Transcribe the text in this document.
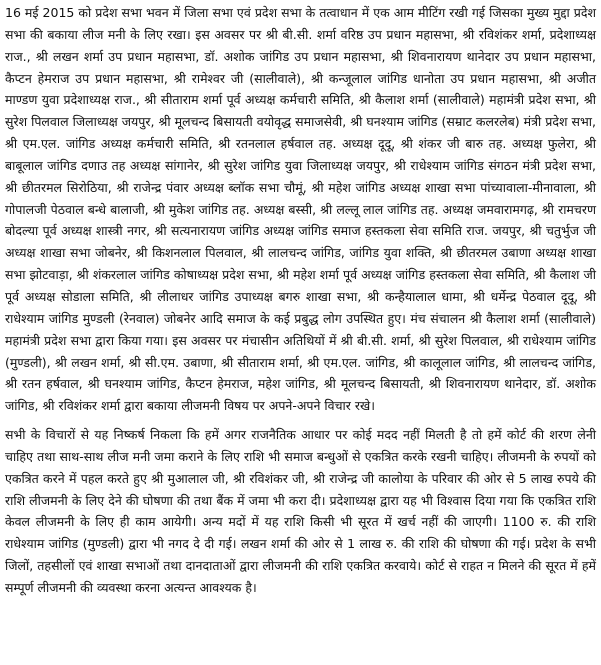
16 मई 2015 को प्रदेश सभा भवन में जिला सभा एवं प्रदेश सभा के तत्वाधान में एक आम मीटिंग रखी गई जिसका मुख्य मुद्दा प्रदेश सभा की बकाया लीज मनी के लिए रखा। इस अवसर पर श्री बी.सी. शर्मा वरिष्ठ उप प्रधान महासभा, श्री रविशंकर शर्मा, प्रदेशाध्यक्ष राज., श्री लखन शर्मा उप प्रधान महासभा, डॉ. अशोक जांगिड उप प्रधान महासभा, श्री शिवनारायण थानेदार उप प्रधान महासभा, कैप्टन हेमराज उप प्रधान महासभा, श्री रामेश्वर जी (सालीवाले), श्री कन्जूलाल जांगिड धानोता उप प्रधान महासभा, श्री अजीत माण्डण युवा प्रदेशाध्यक्ष राज., श्री सीताराम शर्मा पूर्व अध्यक्ष कर्मचारी समिति, श्री कैलाश शर्मा (सालीवाले) महामंत्री प्रदेश सभा, श्री सुरेश पिलवाल जिलाध्यक्ष जयपुर, श्री मूलचन्द बिसायती वयोवृद्ध समाजसेवी, श्री घनश्याम जांगिड (सम्राट कलरलेब) मंत्री प्रदेश सभा, श्री एम.एल. जांगिड अध्यक्ष कर्मचारी समिति, श्री रतनलाल हर्षवाल तह. अध्यक्ष दूदू, श्री शंकर जी बारु तह. अध्यक्ष फुलेरा, श्री बाबूलाल जांगिड दणाउ तह अध्यक्ष सांगानेर, श्री सुरेश जांगिड युवा जिलाध्यक्ष जयपुर, श्री राधेश्याम जांगिड संगठन मंत्री प्रदेश सभा, श्री छीतरमल सिरोठिया, श्री राजेन्द्र पंवार अध्यक्ष ब्लॉक सभा चौमूं, श्री महेश जांगिड अध्यक्ष शाखा सभा पांच्यावाला-मीनावाला, श्री गोपालजी पेठवाल बन्धे बालाजी, श्री मुकेश जांगिड तह. अध्यक्ष बस्सी, श्री लल्लू लाल जांगिड तह. अध्यक्ष जमवारामगढ़, श्री रामचरण बोदल्या पूर्व अध्यक्ष शास्त्री नगर, श्री सत्यनारायण जांगिड अध्यक्ष जांगिड समाज हस्तकला सेवा समिति राज. जयपुर, श्री चतुर्भुज जी अध्यक्ष शाखा सभा जोबनेर, श्री किशनलाल पिलवाल, श्री लालचन्द जांगिड, जांगिड युवा शक्ति, श्री छीतरमल उबाणा अध्यक्ष शाखा सभा झोटवाड़ा, श्री शंकरलाल जांगिड कोषाध्यक्ष प्रदेश सभा, श्री महेश शर्मा पूर्व अध्यक्ष जांगिड हस्तकला सेवा समिति, श्री कैलाश जी पूर्व अध्यक्ष सोडाला समिति, श्री लीलाधर जांगिड उपाध्यक्ष बगरु शाखा सभा, श्री कन्हैयालाल धामा, श्री धर्मेन्द्र पेठवाल दूदू, श्री राधेश्याम जांगिड मुण्डली (रेनवाल) जोबनेर आदि समाज के कई प्रबुद्ध लोग उपस्थित हुए। मंच संचालन श्री कैलाश शर्मा (सालीवाले) महामंत्री प्रदेश सभा द्वारा किया गया। इस अवसर पर मंचासीन अतिथियों में श्री बी.सी. शर्मा, श्री सुरेश पिलवाल, श्री राधेश्याम जांगिड (मुण्डली), श्री लखन शर्मा, श्री सी.एम. उबाणा, श्री सीताराम शर्मा, श्री एम.एल. जांगिड, श्री कालूलाल जांगिड, श्री लालचन्द जांगिड, श्री रतन हर्षवाल, श्री घनश्याम जांगिड, कैप्टन हेमराज, महेश जांगिड, श्री मूलचन्द बिसायती, श्री शिवनारायण थानेदार, डॉ. अशोक जांगिड, श्री रविशंकर शर्मा द्वारा बकाया लीजमनी विषय पर अपने-अपने विचार रखे।

सभी के विचारों से यह निष्कर्ष निकला कि हमें अगर राजनैतिक आधार पर कोई मदद नहीं मिलती है तो हमें कोर्ट की शरण लेनी चाहिए तथा साथ-साथ लीज मनी जमा कराने के लिए राशि भी समाज बन्धुओं से एकत्रित करके रखनी चाहिए। लीजमनी के रुपयों को एकत्रित करने में पहल करते हुए श्री मुआलाल जी, श्री रविशंकर जी, श्री राजेन्द्र जी कालोया के परिवार की ओर से 5 लाख रुपये की राशि लीजमनी के लिए देने की घोषणा की तथा बैंक में जमा भी करा दी। प्रदेशाध्यक्ष द्वारा यह भी विश्वास दिया गया कि एकत्रित राशि केवल लीजमनी के लिए ही काम आयेगी। अन्य मदों में यह राशि किसी भी सूरत में खर्च नहीं की जाएगी। 1100 रु. की राशि राधेश्याम जांगिड (मुण्डली) द्वारा भी नगद दे दी गई। लखन शर्मा की ओर से 1 लाख रु. की राशि की घोषणा की गई। प्रदेश के सभी जिलों, तहसीलों एवं शाखा सभाओं तथा दानदाताओं द्वारा लीजमनी की राशि एकत्रित करवाये। कोर्ट से राहत न मिलने की सूरत में हमें सम्पूर्ण लीजमनी की व्यवस्था करना अत्यन्त आवश्यक है।
